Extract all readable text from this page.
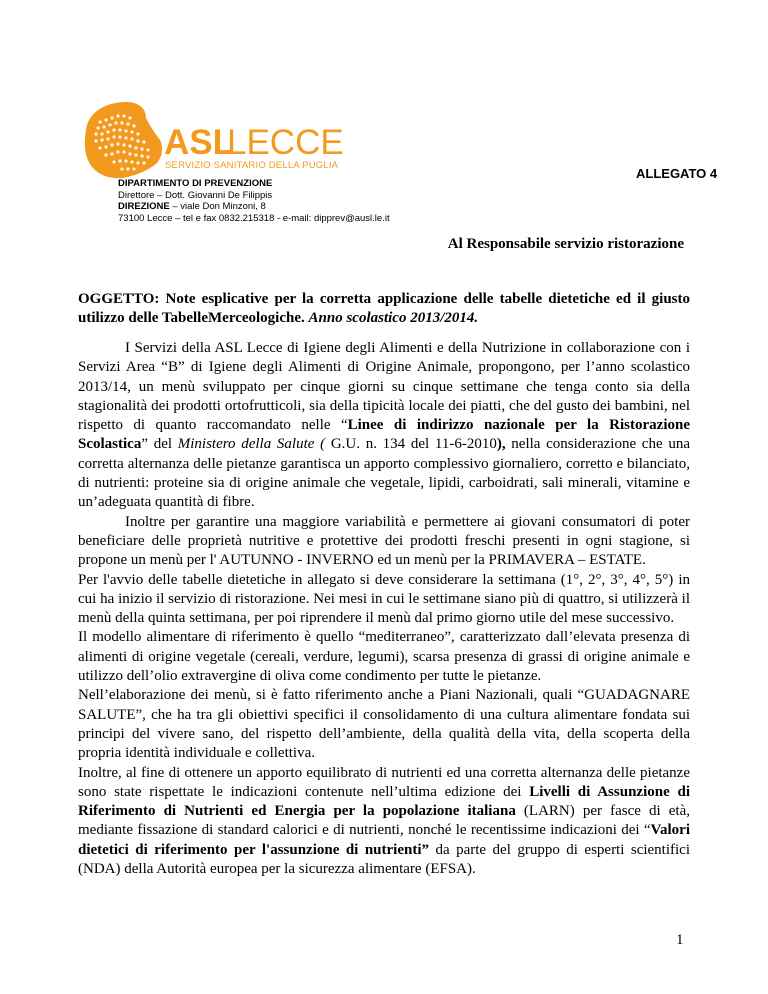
ASL
LECCE
SERVIZIO SANITARIO DELLA PUGLIA
ALLEGATO 4
DIPARTIMENTO DI PREVENZIONE
Direttore – Dott. Giovanni De Filippis
DIREZIONE – viale Don Minzoni, 8
73100 Lecce – tel e fax 0832.215318 - e-mail: dipprev@ausl.le.it
Al Responsabile servizio ristorazione
OGGETTO: Note esplicative per la corretta applicazione delle tabelle dietetiche ed il giusto utilizzo delle TabelleMerceologiche. Anno scolastico 2013/2014.

I Servizi della ASL Lecce di Igiene degli Alimenti e della Nutrizione in collaborazione con i Servizi Area “B” di Igiene degli Alimenti di Origine Animale, propongono, per l’anno scolastico 2013/14, un menù sviluppato per cinque giorni su cinque settimane che tenga conto sia della stagionalità dei prodotti ortofrutticoli, sia della tipicità locale dei piatti, che del gusto dei bambini, nel rispetto di quanto raccomandato nelle “Linee di indirizzo nazionale per la Ristorazione Scolastica” del Ministero della Salute ( G.U. n. 134 del 11-6-2010), nella considerazione che una corretta alternanza delle pietanze garantisca un apporto complessivo giornaliero, corretto e bilanciato, di nutrienti: proteine sia di origine animale che vegetale, lipidi, carboidrati, sali minerali, vitamine e un’adeguata quantità di fibre.

Inoltre per garantire una maggiore variabilità e permettere ai giovani consumatori di poter beneficiare delle proprietà nutritive e protettive dei prodotti freschi presenti in ogni stagione, si propone un menù per l' AUTUNNO - INVERNO ed un menù per la PRIMAVERA – ESTATE.

Per l'avvio delle tabelle dietetiche in allegato si deve considerare la settimana (1°, 2°, 3°, 4°, 5°) in cui ha inizio il servizio di ristorazione. Nei mesi in cui le settimane siano più di quattro, si utilizzerà il menù della quinta settimana, per poi riprendere il menù dal primo giorno utile del mese successivo.

Il modello alimentare di riferimento è quello “mediterraneo”, caratterizzato dall’elevata presenza di alimenti di origine vegetale (cereali, verdure, legumi), scarsa presenza di grassi di origine animale e utilizzo dell’olio extravergine di oliva come condimento per tutte le pietanze.

Nell’elaborazione dei menù, si è fatto riferimento anche a Piani Nazionali, quali “GUADAGNARE SALUTE”, che ha tra gli obiettivi specifici il consolidamento di una cultura alimentare fondata sui principi del vivere sano, del rispetto dell’ambiente, della qualità della vita, della scoperta della propria identità individuale e collettiva.

Inoltre, al fine di ottenere un apporto equilibrato di nutrienti ed una corretta alternanza delle pietanze sono state rispettate le indicazioni contenute nell’ultima edizione dei Livelli di Assunzione di Riferimento di Nutrienti ed Energia per la popolazione italiana (LARN) per fasce di età, mediante fissazione di standard calorici e di nutrienti, nonché le recentissime indicazioni dei “Valori dietetici di riferimento per l'assunzione di nutrienti” da parte del gruppo di esperti scientifici (NDA) della Autorità europea per la sicurezza alimentare (EFSA).

1
